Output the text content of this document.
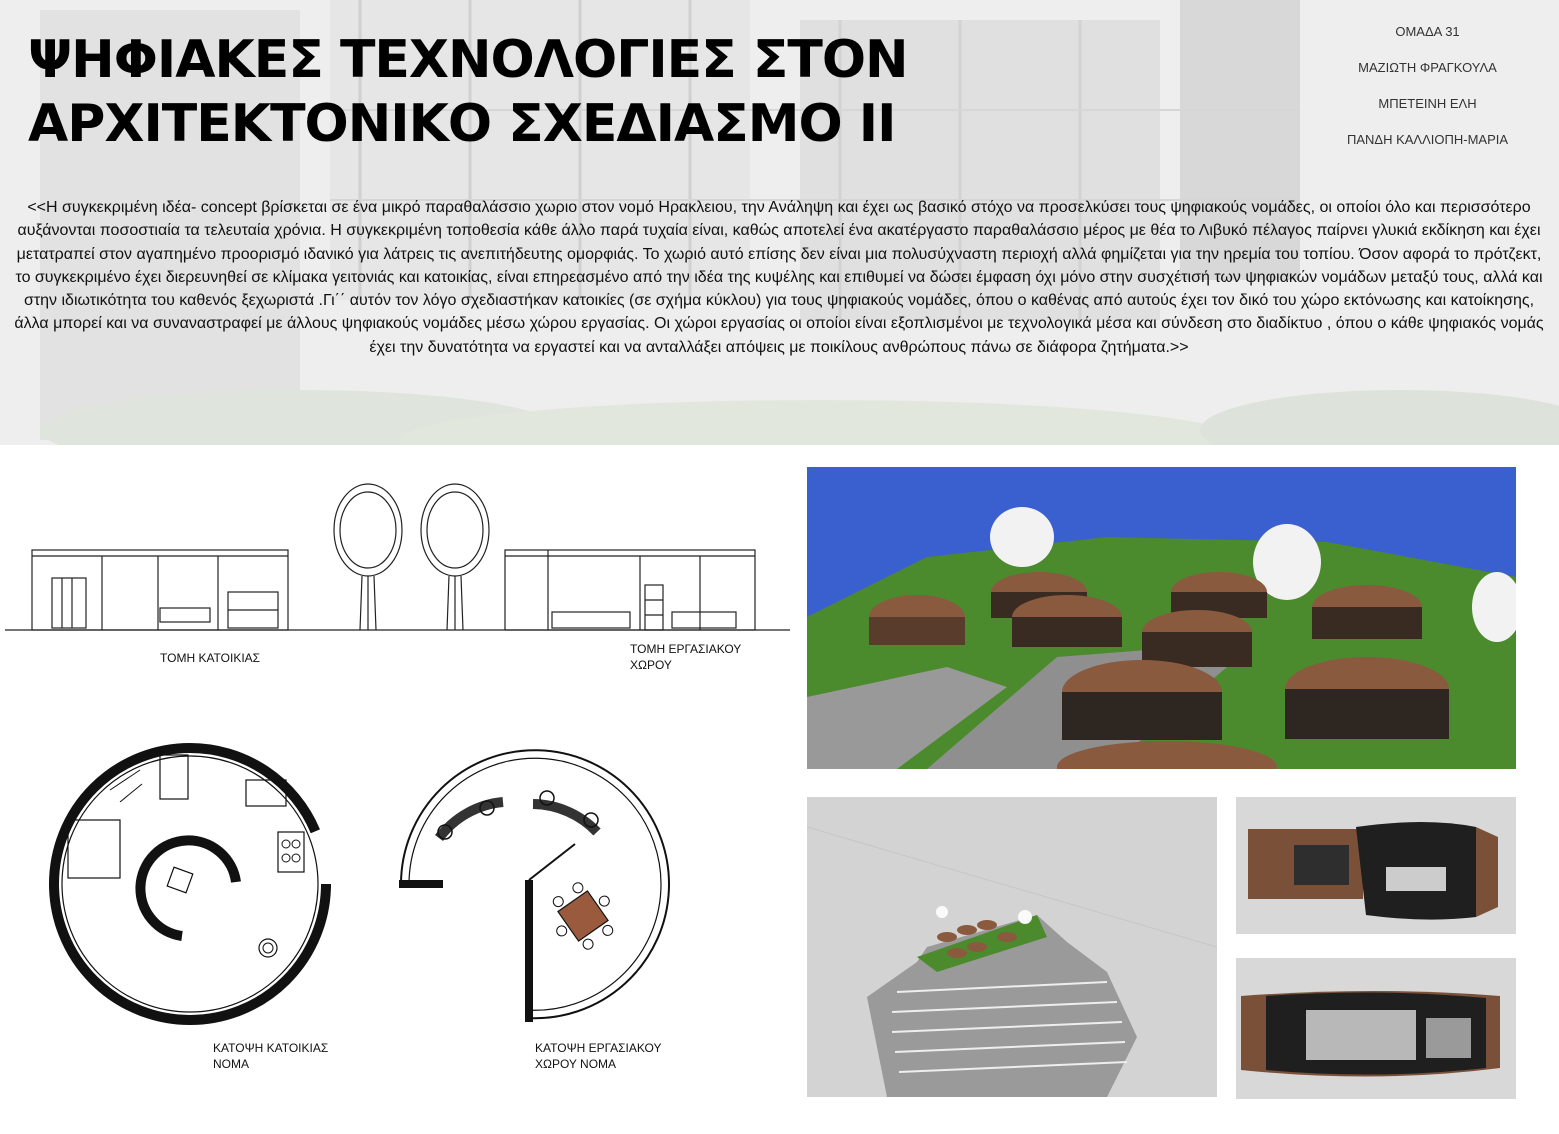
ΨΗΦΙΑΚΕΣ ΤΕΧΝΟΛΟΓΙΕΣ ΣΤΟΝ ΑΡΧΙΤΕΚΤΟΝΙΚΟ ΣΧΕΔΙΑΣΜΟ ΙΙ
ΟΜΑΔΑ 31
ΜΑΖΙΩΤΗ ΦΡΑΓΚΟΥΛΑ
ΜΠΕΤΕΙΝΗ ΕΛΗ
ΠΑΝΔΗ ΚΑΛΛΙΟΠΗ-ΜΑΡΙΑ

<<Η συγκεκριμένη ιδέα- concept βρίσκεται σε ένα μικρό παραθαλάσσιο χωριο στον νομό Ηρακλειου, την Ανάληψη και έχει ως βασικό στόχο να προσελκύσει τους ψηφιακούς νομάδες, οι οποίοι όλο και περισσότερο αυξάνονται ποσοστιαία τα τελευταία χρόνια. Η συγκεκριμένη τοποθεσία κάθε άλλο παρά τυχαία είναι, καθώς αποτελεί ένα ακατέργαστο παραθαλάσσιο μέρος με θέα το Λιβυκό πέλαγος παίρνει γλυκιά εκδίκηση και έχει μετατραπεί στον αγαπημένο προορισμό ιδανικό για λάτρεις τις ανεπιτήδευτης ομορφιάς. Το χωριό αυτό επίσης δεν είναι μια πολυσύχναστη περιοχή αλλά φημίζεται για την ηρεμία του τοπίου. Όσον αφορά το πρότζεκτ, το συγκεκριμένο έχει διερευνηθεί σε κλίμακα γειτονιάς και κατοικίας, είναι επηρεασμένο από την ιδέα της κυψέλης και επιθυμεί να δώσει έμφαση όχι μόνο στην συσχέτισή των ψηφιακών νομάδων μεταξύ τους, αλλά και στην ιδιωτικότητα του καθενός ξεχωριστά .Γι΄΄ αυτόν τον λόγο σχεδιαστήκαν κατοικίες (σε σχήμα κύκλου) για τους ψηφιακούς νομάδες, όπου ο καθένας από αυτούς έχει τον δικό του χώρο εκτόνωσης και κατοίκησης, άλλα μπορεί και να συναναστραφεί με άλλους ψηφιακούς νομάδες μέσω χώρου εργασίας. Οι χώροι εργασίας οι οποίοι είναι εξοπλισμένοι με τεχνολογικά μέσα και σύνδεση στο διαδίκτυο , όπου ο κάθε ψηφιακός νομάς έχει την δυνατότητα να εργαστεί και να ανταλλάξει απόψεις με ποικίλους ανθρώπους πάνω σε διάφορα ζητήματα.>>

ΤΟΜΗ ΚΑΤΟΙΚΙΑΣ
ΤΟΜΗ ΕΡΓΑΣΙΑΚΟΥ ΧΩΡΟΥ
ΚΑΤΟΨΗ ΚΑΤΟΙΚΙΑΣ ΝΟΜΑ
ΚΑΤΟΨΗ ΕΡΓΑΣΙΑΚΟΥ ΧΩΡΟΥ ΝΟΜΑ
